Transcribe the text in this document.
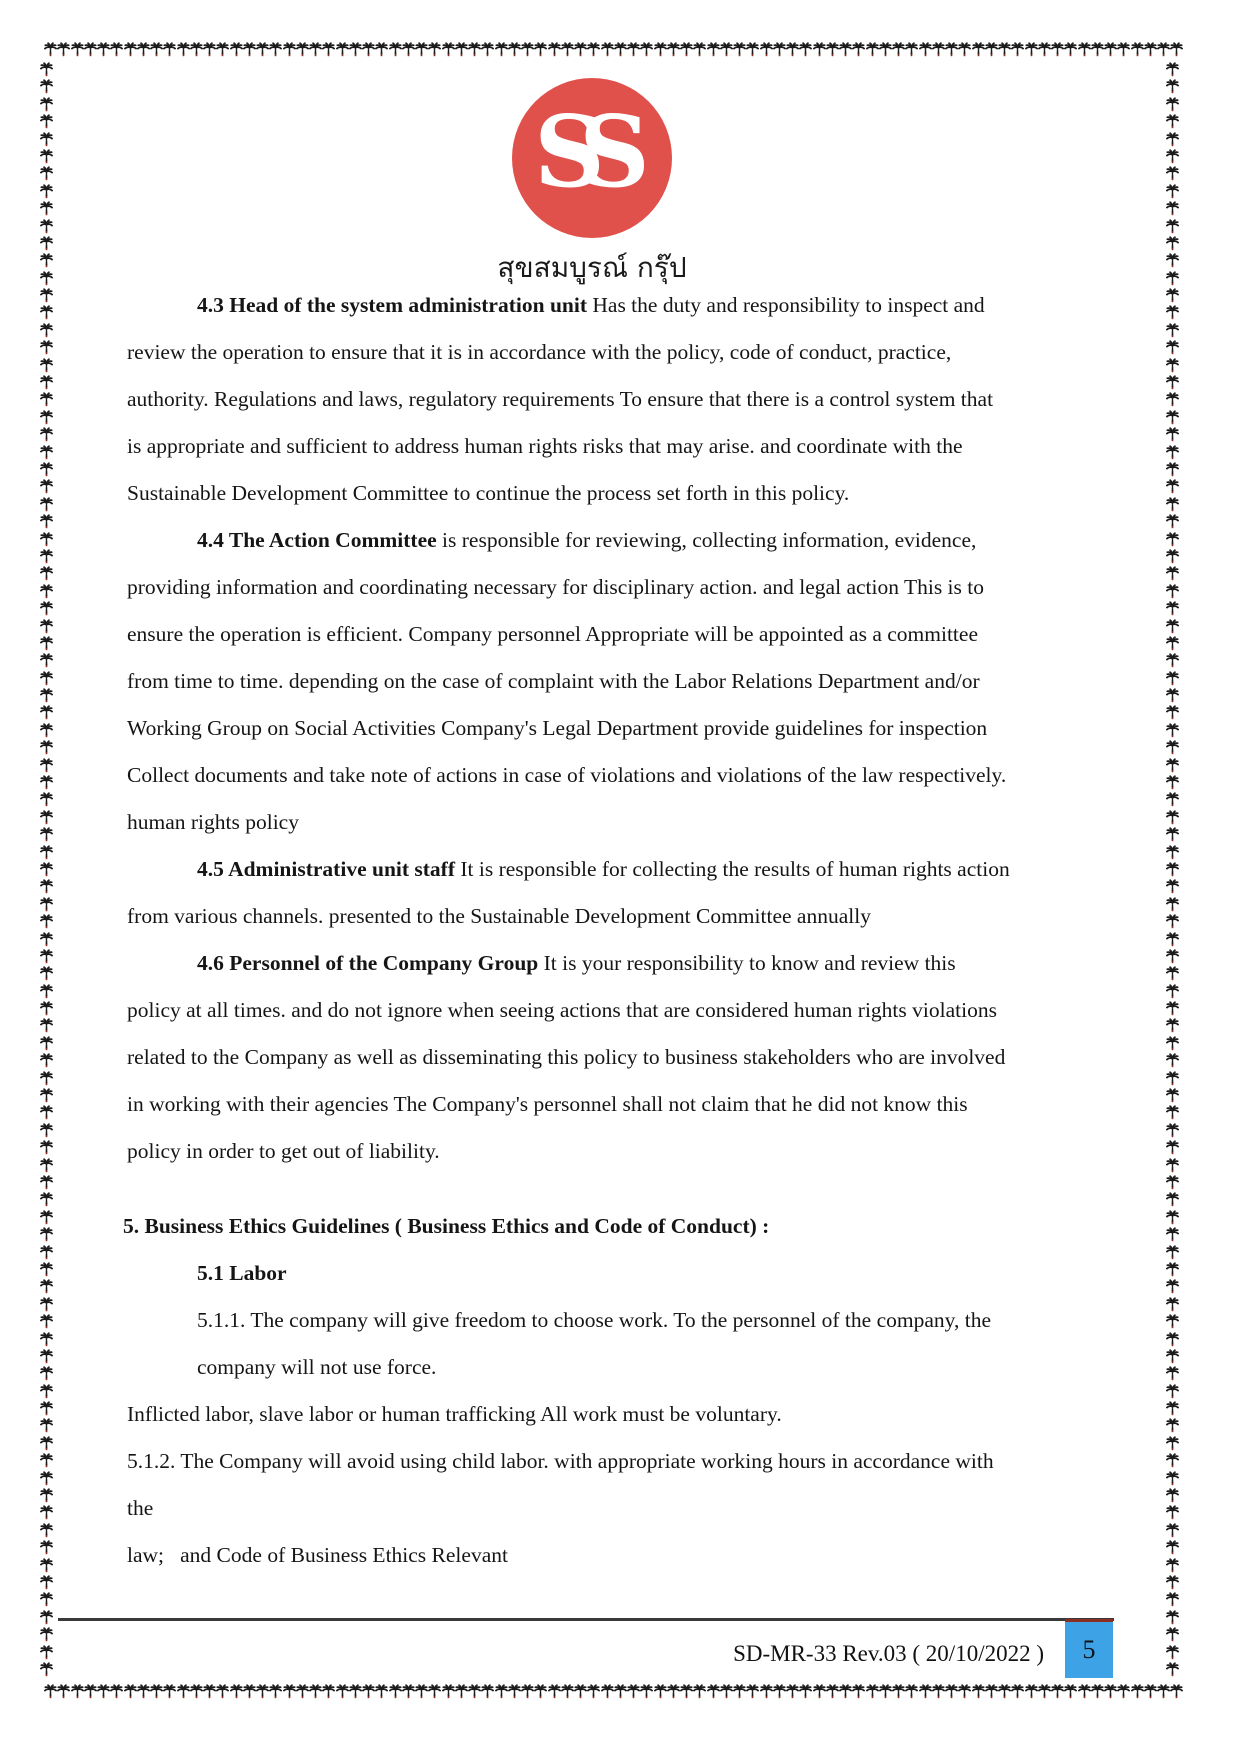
SS
สุขสมบูรณ์ กรุ๊ป

4.3 Head of the system administration unit Has the duty and responsibility to inspect and review the operation to ensure that it is in accordance with the policy, code of conduct, practice, authority. Regulations and laws, regulatory requirements To ensure that there is a control system that is appropriate and sufficient to address human rights risks that may arise. and coordinate with the Sustainable Development Committee to continue the process set forth in this policy.

4.4 The Action Committee is responsible for reviewing, collecting information, evidence, providing information and coordinating necessary for disciplinary action. and legal action This is to ensure the operation is efficient. Company personnel Appropriate will be appointed as a committee from time to time. depending on the case of complaint with the Labor Relations Department and/or Working Group on Social Activities Company's Legal Department provide guidelines for inspection Collect documents and take note of actions in case of violations and violations of the law respectively. human rights policy

4.5 Administrative unit staff It is responsible for collecting the results of human rights action from various channels. presented to the Sustainable Development Committee annually

4.6 Personnel of the Company Group It is your responsibility to know and review this policy at all times. and do not ignore when seeing actions that are considered human rights violations related to the Company as well as disseminating this policy to business stakeholders who are involved in working with their agencies The Company's personnel shall not claim that he did not know this policy in order to get out of liability.

5. Business Ethics Guidelines ( Business Ethics and Code of Conduct) :
5.1 Labor
5.1.1. The company will give freedom to choose work. To the personnel of the company, the
company will not use force.
Inflicted labor, slave labor or human trafficking All work must be voluntary.
5.1.2. The Company will avoid using child labor. with appropriate working hours in accordance with the
law;   and Code of Business Ethics Relevant
SD-MR-33 Rev.03 ( 20/10/2022 )	5
